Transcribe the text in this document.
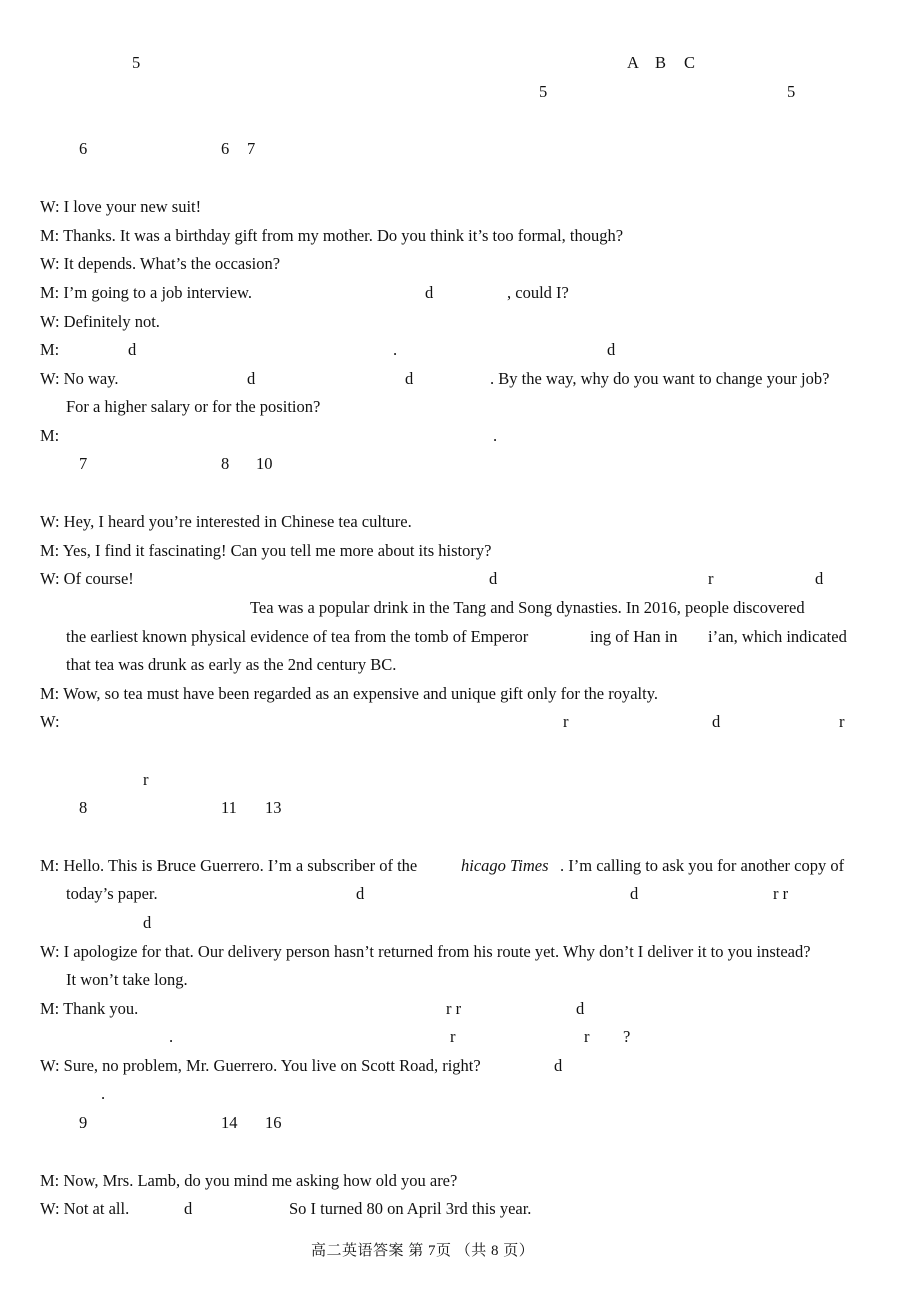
5	A B C
5	5
6	6 7
W: I love your new suit!
M: Thanks. It was a birthday gift from my mother. Do you think it’s too formal, though?
W: It depends. What’s the occasion?
M: I’m going to a job interview.	d	, could I?
W: Definitely not.
M:	d	.	d
W: No way.	d	d	. By the way, why do you want to change your job?
For a higher salary or for the position?
M:	.
7	8 10
W: Hey, I heard you’re interested in Chinese tea culture.
M: Yes, I find it fascinating! Can you tell me more about its history?
W: Of course!	d	r	d
Tea was a popular drink in the Tang and Song dynasties. In 2016, people discovered
the earliest known physical evidence of tea from the tomb of Emperor	ing of Han in i’an, which indicated
that tea was drunk as early as the 2nd century BC.
M: Wow, so tea must have been regarded as an expensive and unique gift only for the royalty.
W:	r	d	r
r
8	11 13
M: Hello. This is Bruce Guerrero. I’m a subscriber of the	hicago Times . I’m calling to ask you for another copy of
today’s paper.	d	d	r r
d
W: I apologize for that. Our delivery person hasn’t returned from his route yet. Why don’t I deliver it to you instead?
It won’t take long.
M: Thank you.	r r	d
.	r	r ?
W: Sure, no problem, Mr. Guerrero. You live on Scott Road, right?	d
.
9	14 16
M: Now, Mrs. Lamb, do you mind me asking how old you are?
W: Not at all.	d	So I turned 80 on April 3rd this year.
高二英语答案 第 7页 （共 8 页）
